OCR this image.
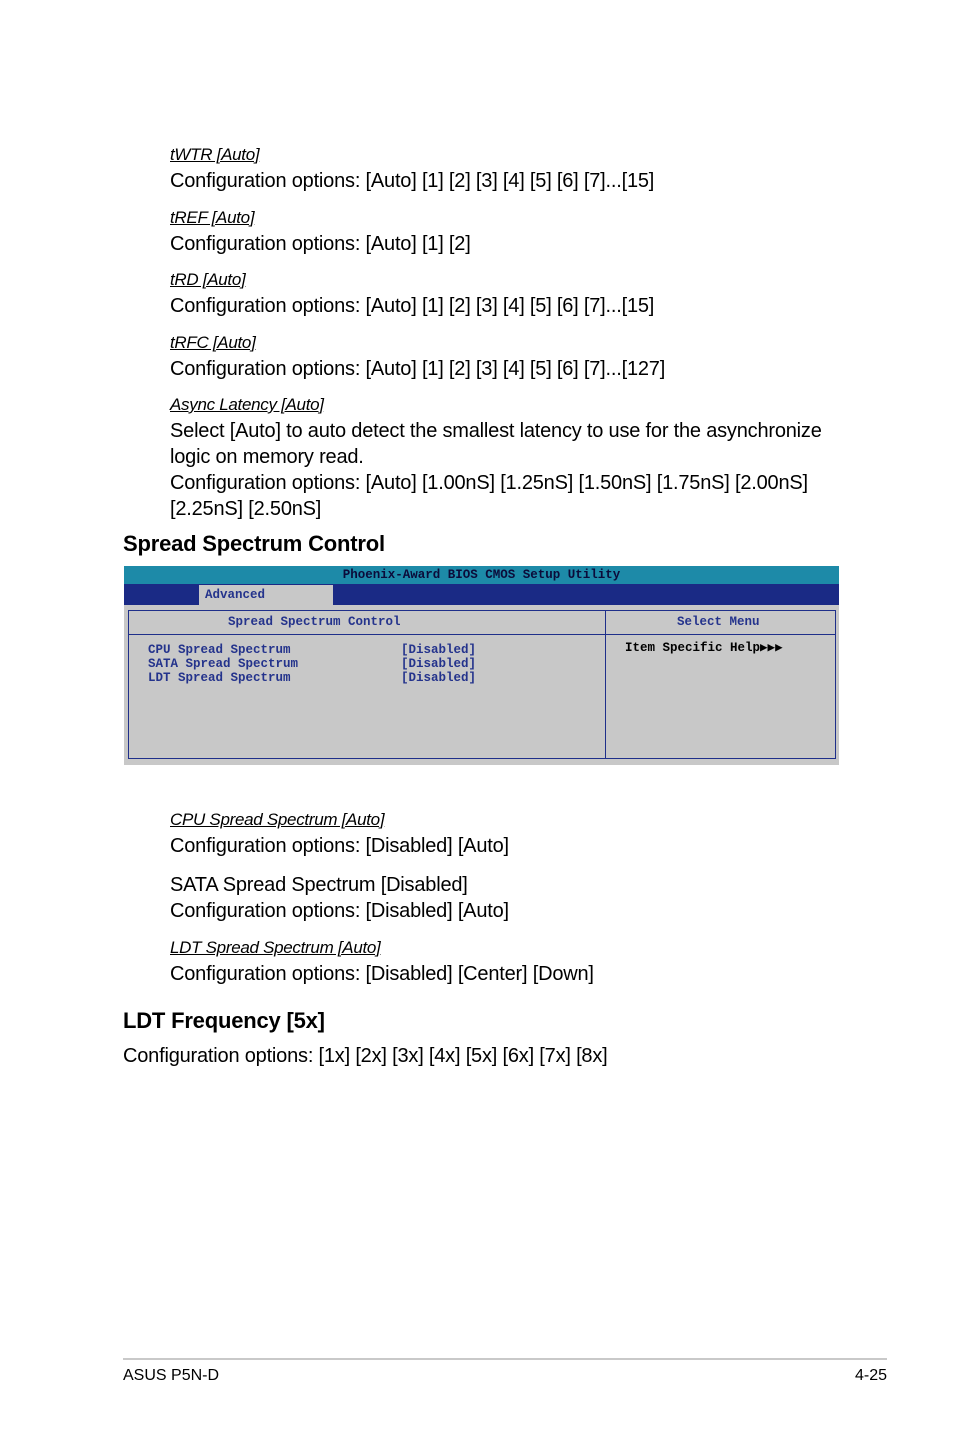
tWTR [Auto]
Configuration options: [Auto] [1] [2] [3] [4] [5] [6] [7]...[15]
tREF [Auto]
Configuration options: [Auto] [1] [2]
tRD [Auto]
Configuration options: [Auto] [1] [2] [3] [4] [5] [6] [7]...[15]
tRFC [Auto]
Configuration options: [Auto] [1] [2] [3] [4] [5] [6] [7]...[127]
Async Latency [Auto]
Select [Auto] to auto detect the smallest latency to use for the asynchronize
logic on memory read.
Configuration options: [Auto] [1.00nS] [1.25nS] [1.50nS] [1.75nS] [2.00nS]
[2.25nS] [2.50nS]
Spread Spectrum Control
Phoenix-Award BIOS CMOS Setup Utility
Advanced
Spread Spectrum Control	Select Menu
Item Specific Help▶▶▶
CPU Spread Spectrum	[Disabled]
SATA Spread Spectrum	[Disabled]
LDT Spread Spectrum	[Disabled]
CPU Spread Spectrum [Auto]
Configuration options: [Disabled] [Auto]
SATA Spread Spectrum [Disabled]
Configuration options: [Disabled] [Auto]
LDT Spread Spectrum [Auto]
Configuration options: [Disabled] [Center] [Down]
LDT Frequency [5x]
Configuration options: [1x] [2x] [3x] [4x] [5x] [6x] [7x] [8x]
ASUS P5N-D	4-25
